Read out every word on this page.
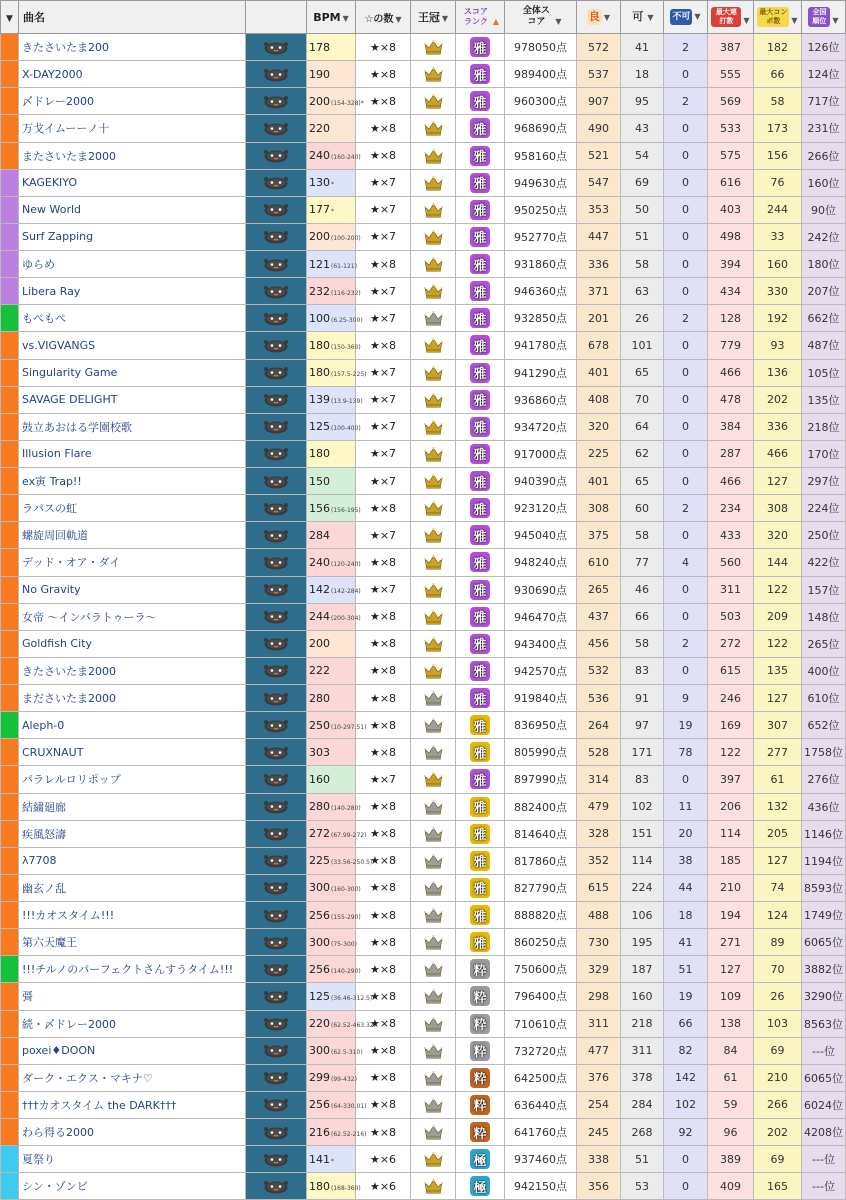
▼	曲名		BPM ▼	☆の数 ▼	王冠 ▼	スコアランク ▲	全体スコア ▼	良 ▼	可 ▼	不可 ▼	最大連打数 ▼	最大コンボ数 ▼	全国順位 ▼
	きたさいたま200		178	★×8		雅	978050点	572	41	2	387	182	126位
	X-DAY2000		190	★×8		雅	989400点	537	18	0	555	66	124位
	〆ドレー2000		200(154-328)*	★×8		雅	960300点	907	95	2	569	58	717位
	万戈イムーーノ十		220	★×8		雅	968690点	490	43	0	533	173	231位
	またさいたま2000		240(160-240)	★×8		雅	958160点	521	54	0	575	156	266位
	KAGEKIYO		130*	★×7		雅	949630点	547	69	0	616	76	160位
	New World		177*	★×7		雅	950250点	353	50	0	403	244	90位
	Surf Zapping		200(100-200)	★×7		雅	952770点	447	51	0	498	33	242位
	ゆらめ		121(61-121)	★×8		雅	931860点	336	58	0	394	160	180位
	Libera Ray		232(116-232)	★×7		雅	946360点	371	63	0	434	330	207位
	もぺもぺ		100(6.25-300)	★×7		雅	932850点	201	26	2	128	192	662位
	vs.VIGVANGS		180(150-360)	★×8		雅	941780点	678	101	0	779	93	487位
	Singularity Game		180(157.5-225)	★×7		雅	941290点	401	65	0	466	136	105位
	SAVAGE DELIGHT		139(13.9-139)	★×7		雅	936860点	408	70	0	478	202	135位
	鼓立あおはる学園校歌		125(100-400)	★×7		雅	934720点	320	64	0	384	336	218位
	Illusion Flare		180	★×7		雅	917000点	225	62	0	287	466	170位
	ex寅 Trap!!		150	★×7		雅	940390点	401	65	0	466	127	297位
	ラパスの虹		156(156-195)	★×8		雅	923120点	308	60	2	234	308	224位
	螺旋周回軌道		284	★×7		雅	945040点	375	58	0	433	320	250位
	デッド・オア・ダイ		240(120-240)	★×8		雅	948240点	610	77	4	560	144	422位
	No Gravity		142(142-284)	★×7		雅	930690点	265	46	0	311	122	157位
	女帝 ～インバラトゥーラ～		244(200-304)	★×8		雅	946470点	437	66	0	503	209	148位
	Goldfish City		200	★×8		雅	943400点	456	58	2	272	122	265位
	きたさいたま2000		222	★×8		雅	942570点	532	83	0	615	135	400位
	まださいたま2000		280	★×8		雅	919840点	536	91	9	246	127	610位
	Aleph-0		250(10-297.51)	★×8		雅	836950点	264	97	19	169	307	652位
	CRUXNAUT		303	★×8		雅	805990点	528	171	78	122	277	1758位
	パラレルロリポップ		160	★×7		雅	897990点	314	83	0	397	61	276位
	結繍廻廊		280(140-280)	★×8		雅	882400点	479	102	11	206	132	436位
	疾風怒濤		272(67.99-272)	★×8		雅	814640点	328	151	20	114	205	1146位
	λ7708		225(33.56-250.5)	★×8		雅	817860点	352	114	38	185	127	1194位
	幽玄ノ乱		300(160-300)	★×8		雅	827790点	615	224	44	210	74	8593位
	!!!カオスタイム!!!		256(155-290)	★×8		雅	888820点	488	106	18	194	124	1749位
	第六天魔王		300(75-300)	★×8		雅	860250点	730	195	41	271	89	6065位
	!!!チルノのパーフェクトさんすうタイム!!!		256(140-290)	★×8		粋	750600点	329	187	51	127	70	3882位
	彁		125(36.46-312.5)	★×8		粋	796400点	298	160	19	109	26	3290位
	続・〆ドレー2000		220(62.52-463.32)	★×8		粋	710610点	311	218	66	138	103	8563位
	poxei♦DOON		300(62.5-310)	★×8		粋	732720点	477	311	82	84	69	---位
	ダーク・エクス・マキナ♡		299(99-432)	★×8		粋	642500点	376	378	142	61	210	6065位
	†††カオスタイム the DARK†††		256(64-330.01)	★×8		粋	636440点	254	284	102	59	266	6024位
	わら得る2000		216(62.52-216)	★×8		粋	641760点	245	268	92	96	202	4208位
	夏祭り		141*	★×6		極	937460点	338	51	0	389	69	---位
	シン・ゾンビ		180(168-360)	★×6		極	942150点	356	53	0	409	165	---位
